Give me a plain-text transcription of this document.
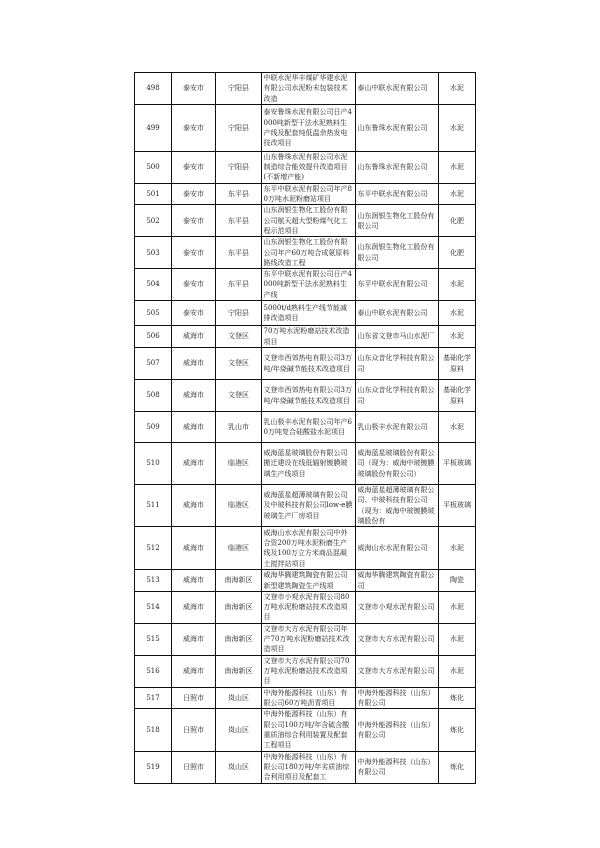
498	泰安市	宁阳县	中联水泥华丰煤矿华建水泥有限公司水泥粉末包装技术改造	泰山中联水泥有限公司	水泥
499	泰安市	宁阳县	泰安鲁珠水泥有限公司日产4000吨新型干法水泥熟料生产线及配套纯低温余热发电技改项目	山东鲁珠水泥有限公司	水泥
500	泰安市	宁阳县	山东鲁珠水泥有限公司水泥制造综合能效提升改造项目(不新增产能)	山东鲁珠水泥有限公司	水泥
501	泰安市	东平县	东平中联水泥有限公司年产80万吨水泥粉磨站项目	东平中联水泥有限公司	水泥
502	泰安市	东平县	山东润银生物化工股份有限公司航天超大型粉煤气化工程示范项目	山东润银生物化工股份有限公司	化肥
503	泰安市	东平县	山东润银生物化工股份有限公司年产60万吨合成氨原料路线改造工程	山东润银生物化工股份有限公司	化肥
504	泰安市	东平县	东平中联水泥有限公司日产4000吨新型干法水泥熟料生产线	东平中联水泥有限公司	水泥
505	泰安市	宁阳县	5000t/d熟料生产线节能减排改造项目	泰山中联水泥有限公司	水泥
506	威海市	文登区	70万吨水泥粉磨站技术改造项目	山东省文登市马山水泥厂	水泥
507	威海市	文登区	文登市西郊热电有限公司3万吨/年烧碱节能技术改造项目	山东众音化学科技有限公司	基础化学原料
508	威海市	文登区	文登市西郊热电有限公司3万吨/年烧碱节能技术改造项目	山东众音化学科技有限公司	基础化学原料
509	威海市	乳山市	乳山极丰水泥有限公司年产60万吨复合硅酸盐水泥项目	乳山极丰水泥有限公司	水泥
510	威海市	临港区	威海蓝星玻璃股份有限公司搬迁建设在线低辐射镀膜玻璃生产线项目	威海蓝星玻璃股份有限公司（现为：威海中玻镀膜玻璃股份有限公司）	平板玻璃
511	威海市	临港区	威海蓝星超薄玻璃有限公司及中玻科技有限公司low-e膜玻璃生产厂房项目	威海蓝星超薄玻璃有限公司、中玻科技有限公司（现为：威海中玻镀膜玻璃股份有	平板玻璃
512	威海市	临港区	威海山水水泥有限公司中外合资200万吨水泥粉磨生产线及100万立方米商品混凝土搅拌站项目	威海山水水泥有限公司	水泥
513	威海市	南海新区	威海华腾建筑陶瓷有限公司新型建筑陶瓷生产线项	威海华腾建筑陶瓷有限公司	陶瓷
514	威海市	南海新区	文登市小观水泥有限公司80万吨水泥粉磨站技术改造项目	文登市小观水泥有限公司	水泥
515	威海市	南海新区	文登市大方水泥有限公司年产70万吨水泥粉磨站技术改造项目	文登市大方水泥有限公司	水泥
516	威海市	南海新区	文登市大方水泥有限公司70万吨水泥粉磨站技术改造项目	文登市大方水泥有限公司	水泥
517	日照市	岚山区	中海外能源科技（山东）有限公司60万吨沥青项目	中海外能源科技（山东）有限公司	炼化
518	日照市	岚山区	中海外能源科技（山东）有限公司100万吨/年含硫含酸重质油综合利用装置及配套工程项目	中海外能源科技（山东）有限公司	炼化
519	日照市	岚山区	中海外能源科技（山东）有限公司180万吨/年劣质油综合利用项目及配套工	中海外能源科技（山东）有限公司	炼化
